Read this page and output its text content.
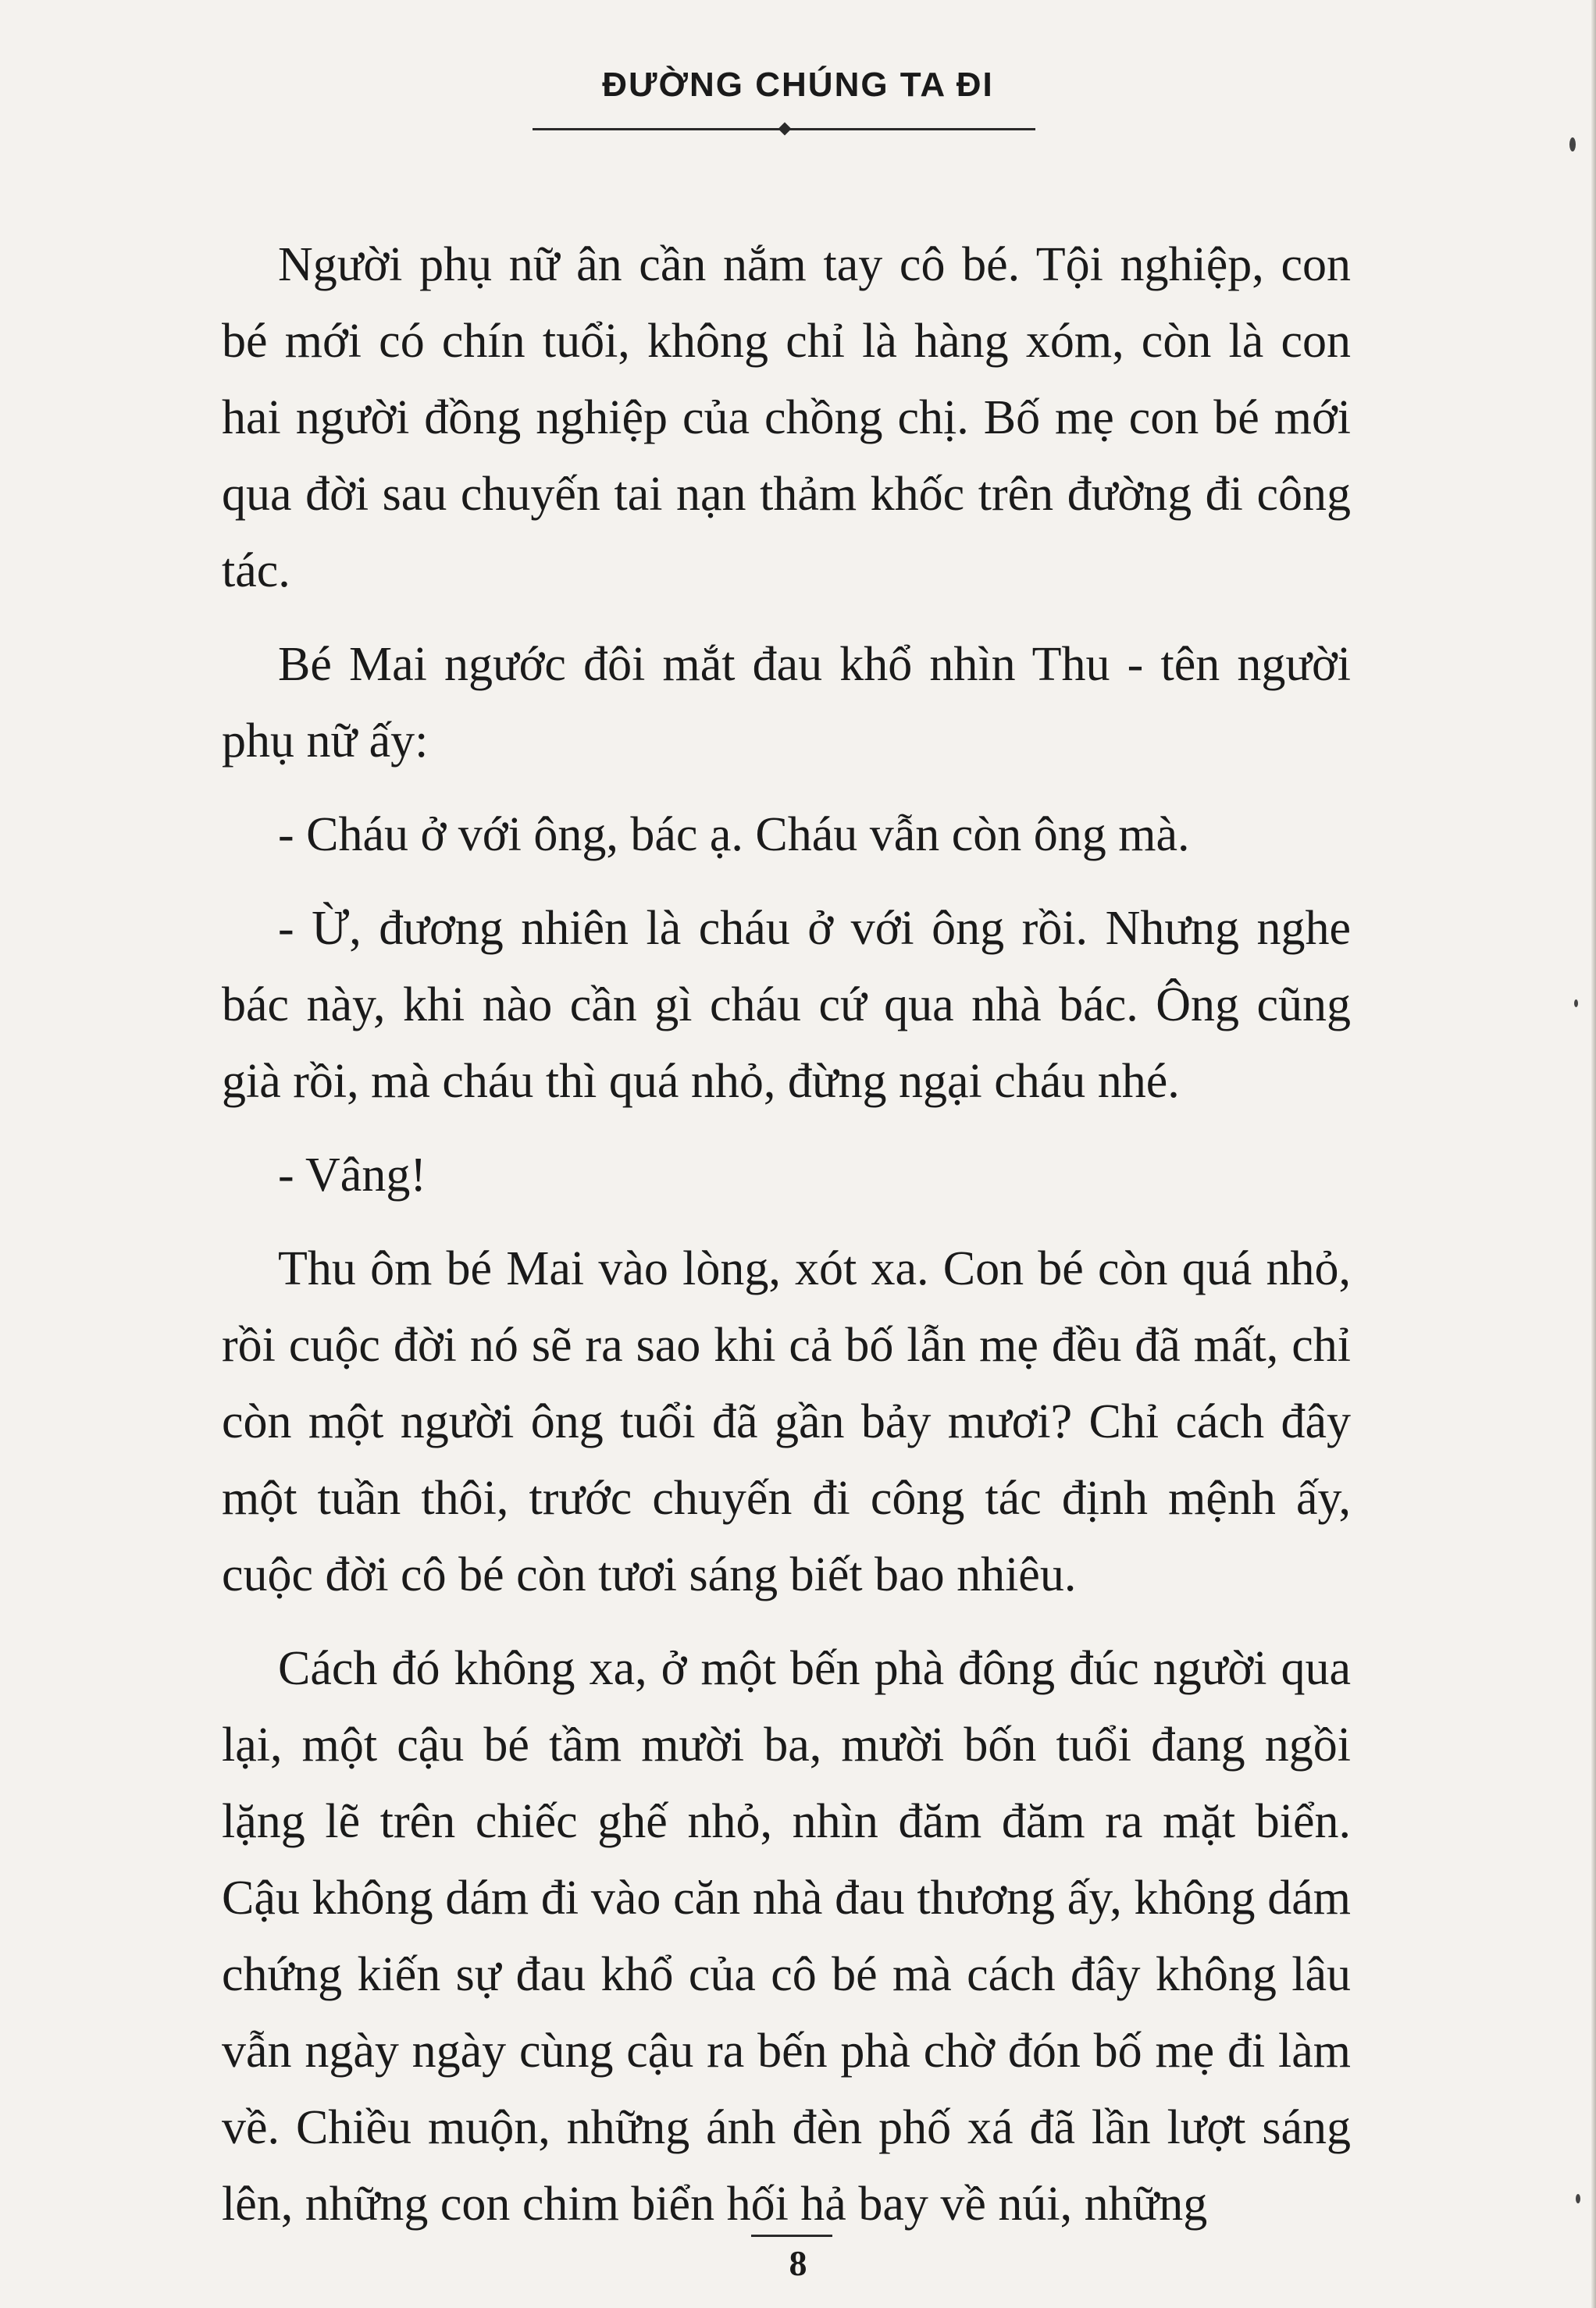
ĐƯỜNG CHÚNG TA ĐI

Người phụ nữ ân cần nắm tay cô bé. Tội nghiệp, con bé mới có chín tuổi, không chỉ là hàng xóm, còn là con hai người đồng nghiệp của chồng chị. Bố mẹ con bé mới qua đời sau chuyến tai nạn thảm khốc trên đường đi công tác.

Bé Mai ngước đôi mắt đau khổ nhìn Thu - tên người phụ nữ ấy:

- Cháu ở với ông, bác ạ. Cháu vẫn còn ông mà.

- Ừ, đương nhiên là cháu ở với ông rồi. Nhưng nghe bác này, khi nào cần gì cháu cứ qua nhà bác. Ông cũng già rồi, mà cháu thì quá nhỏ, đừng ngại cháu nhé.

- Vâng!

Thu ôm bé Mai vào lòng, xót xa. Con bé còn quá nhỏ, rồi cuộc đời nó sẽ ra sao khi cả bố lẫn mẹ đều đã mất, chỉ còn một người ông tuổi đã gần bảy mươi? Chỉ cách đây một tuần thôi, trước chuyến đi công tác định mệnh ấy, cuộc đời cô bé còn tươi sáng biết bao nhiêu.

Cách đó không xa, ở một bến phà đông đúc người qua lại, một cậu bé tầm mười ba, mười bốn tuổi đang ngồi lặng lẽ trên chiếc ghế nhỏ, nhìn đăm đăm ra mặt biển. Cậu không dám đi vào căn nhà đau thương ấy, không dám chứng kiến sự đau khổ của cô bé mà cách đây không lâu vẫn ngày ngày cùng cậu ra bến phà chờ đón bố mẹ đi làm về. Chiều muộn, những ánh đèn phố xá đã lần lượt sáng lên, những con chim biển hối hả bay về núi, những

8
